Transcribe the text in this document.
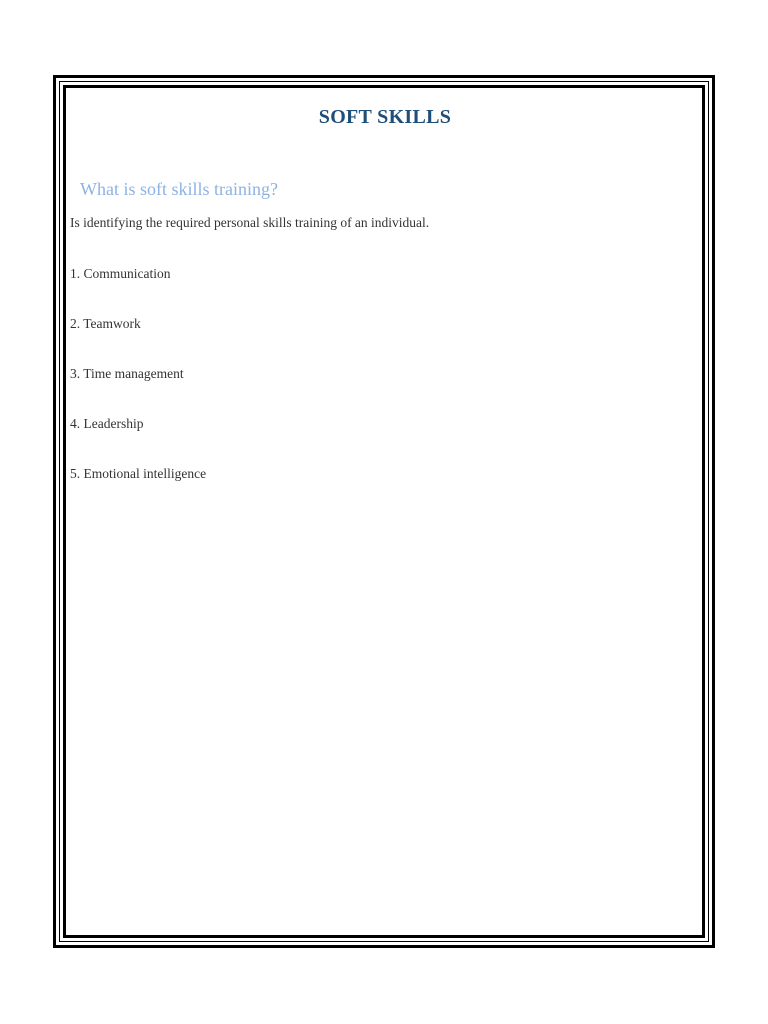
SOFT SKILLS
What is soft skills training?

Is identifying the required personal skills training of an individual.

1. Communication
2. Teamwork
3. Time management
4. Leadership
5. Emotional intelligence
